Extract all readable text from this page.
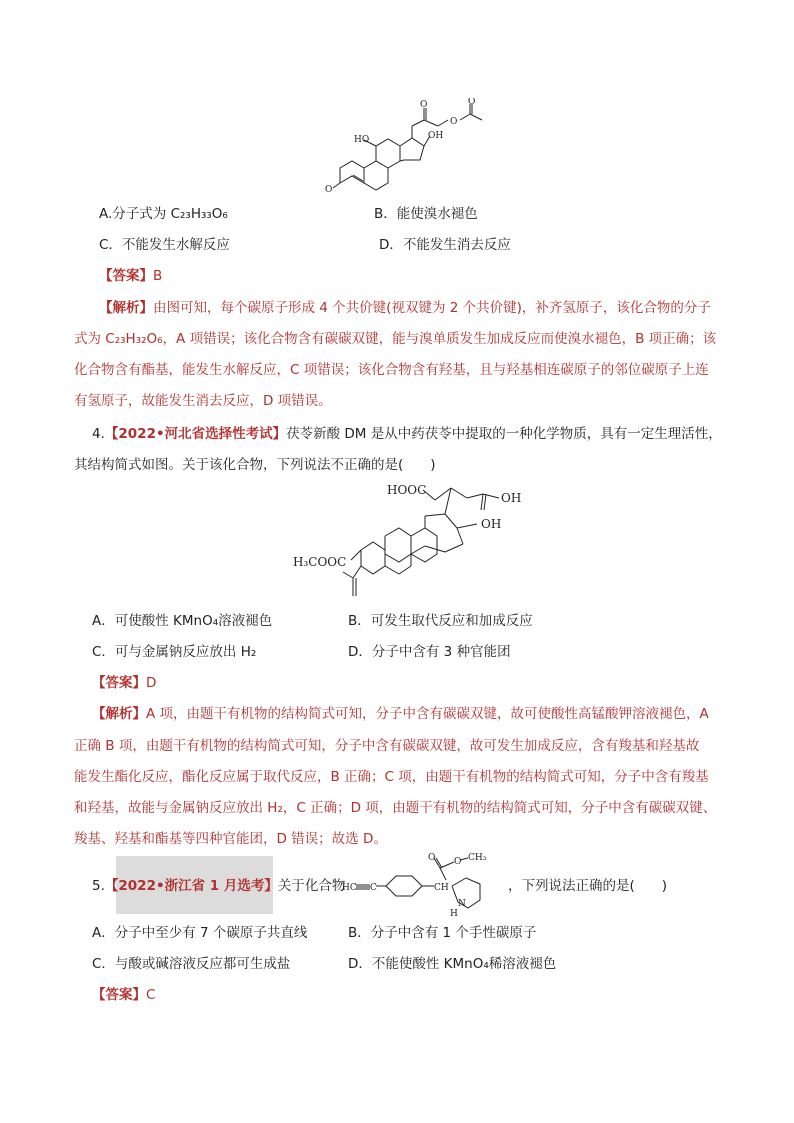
O
O
O
HO	OH
O
A.分子式为 C₂₃H₃₃O₆	B．能使溴水褪色
C．不能发生水解反应	D．不能发生消去反应
【答案】B
【解析】由图可知，每个碳原子形成 4 个共价键(视双键为 2 个共价键)，补齐氢原子，该化合物的分子
式为 C₂₃H₃₂O₆，A 项错误；该化合物含有碳碳双键，能与溴单质发生加成反应而使溴水褪色，B 项正确；该
化合物含有酯基，能发生水解反应，C 项错误；该化合物含有羟基，且与羟基相连碳原子的邻位碳原子上连
有氢原子，故能发生消去反应，D 项错误。
4.【2022•河北省选择性考试】茯苓新酸 DM 是从中药茯苓中提取的一种化学物质，具有一定生理活性，
其结构简式如图。关于该化合物，下列说法不正确的是(　　)
HOOC
OH
OH
H₃COOC
A．可使酸性 KMnO₄溶液褪色	B．可发生取代反应和加成反应
C．可与金属钠反应放出 H₂	D．分子中含有 3 种官能团
【答案】D
【解析】A 项，由题干有机物的结构简式可知，分子中含有碳碳双键，故可使酸性高锰酸钾溶液褪色，A
正确 B 项，由题干有机物的结构简式可知，分子中含有碳碳双键，故可发生加成反应，含有羧基和羟基故
能发生酯化反应，酯化反应属于取代反应，B 正确；C 项，由题干有机物的结构简式可知，分子中含有羧基
和羟基，故能与金属钠反应放出 H₂，C 正确；D 项，由题干有机物的结构简式可知，分子中含有碳碳双键、
羧基、羟基和酯基等四种官能团，D 错误；故选 D。
5.【2022•浙江省 1 月选考】关于化合物
O O CH₃
HC C	CH
N
H
，下列说法正确的是(　　)
A．分子中至少有 7 个碳原子共直线	B．分子中含有 1 个手性碳原子
C．与酸或碱溶液反应都可生成盐	D．不能使酸性 KMnO₄稀溶液褪色
【答案】C
